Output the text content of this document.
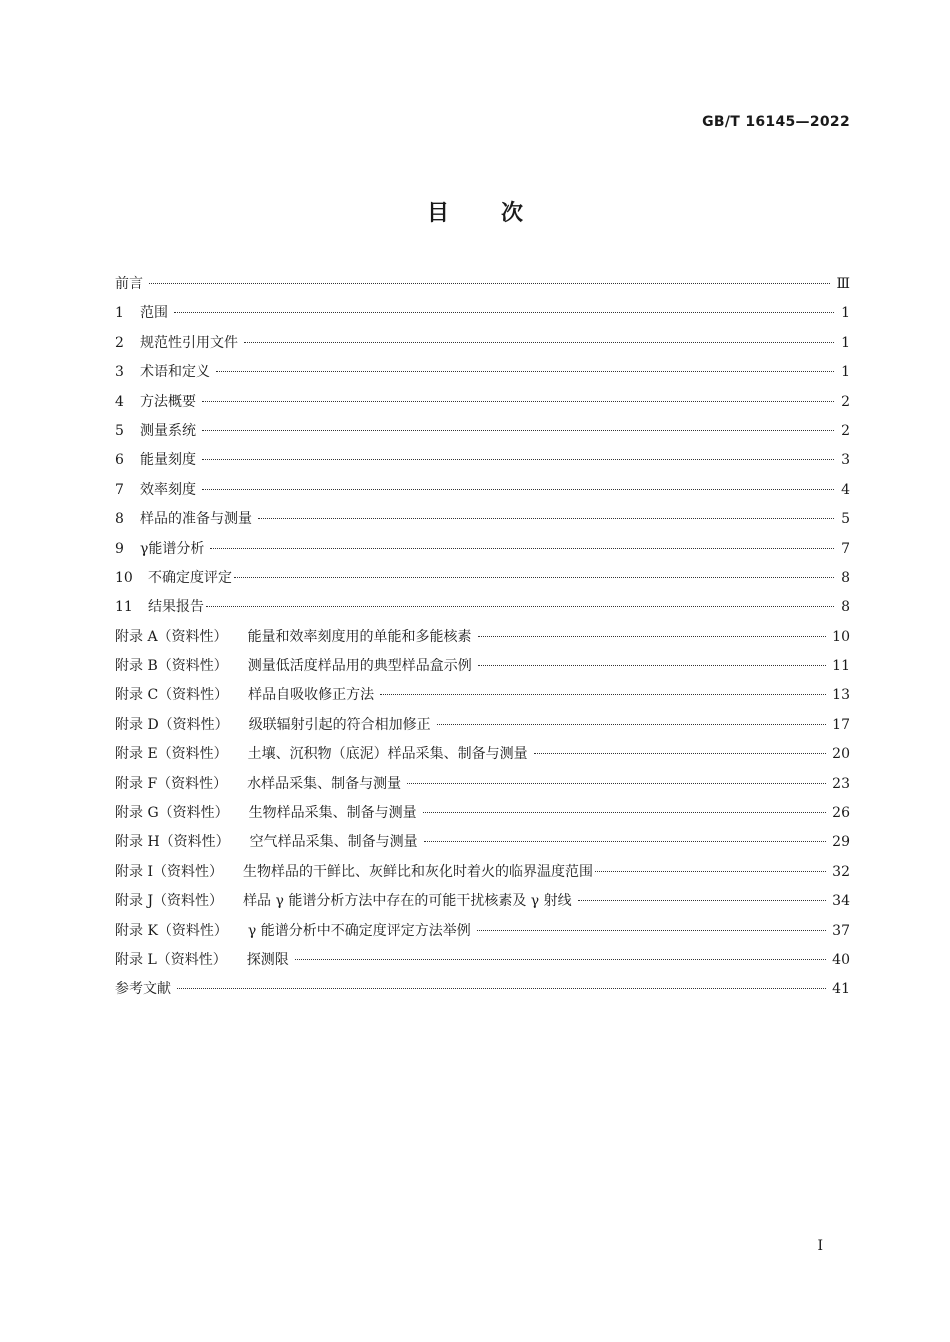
GB/T 16145—2022
目 次
前言	Ⅲ
1	范围	1
2	规范性引用文件	1
3	术语和定义	1
4	方法概要	2
5	测量系统	2
6	能量刻度	3
7	效率刻度	4
8	样品的准备与测量	5
9	γ能谱分析	7
10	不确定度评定	8
11	结果报告	8
附录 A（资料性） 能量和效率刻度用的单能和多能核素	10
附录 B（资料性） 测量低活度样品用的典型样品盒示例	11
附录 C（资料性） 样品自吸收修正方法	13
附录 D（资料性） 级联辐射引起的符合相加修正	17
附录 E（资料性） 土壤、沉积物（底泥）样品采集、制备与测量	20
附录 F（资料性） 水样品采集、制备与测量	23
附录 G（资料性） 生物样品采集、制备与测量	26
附录 H（资料性） 空气样品采集、制备与测量	29
附录 I（资料性） 生物样品的干鲜比、灰鲜比和灰化时着火的临界温度范围	32
附录 J（资料性） 样品 γ 能谱分析方法中存在的可能干扰核素及 γ 射线	34
附录 K（资料性） γ 能谱分析中不确定度评定方法举例	37
附录 L（资料性） 探测限	40
参考文献	41
I
